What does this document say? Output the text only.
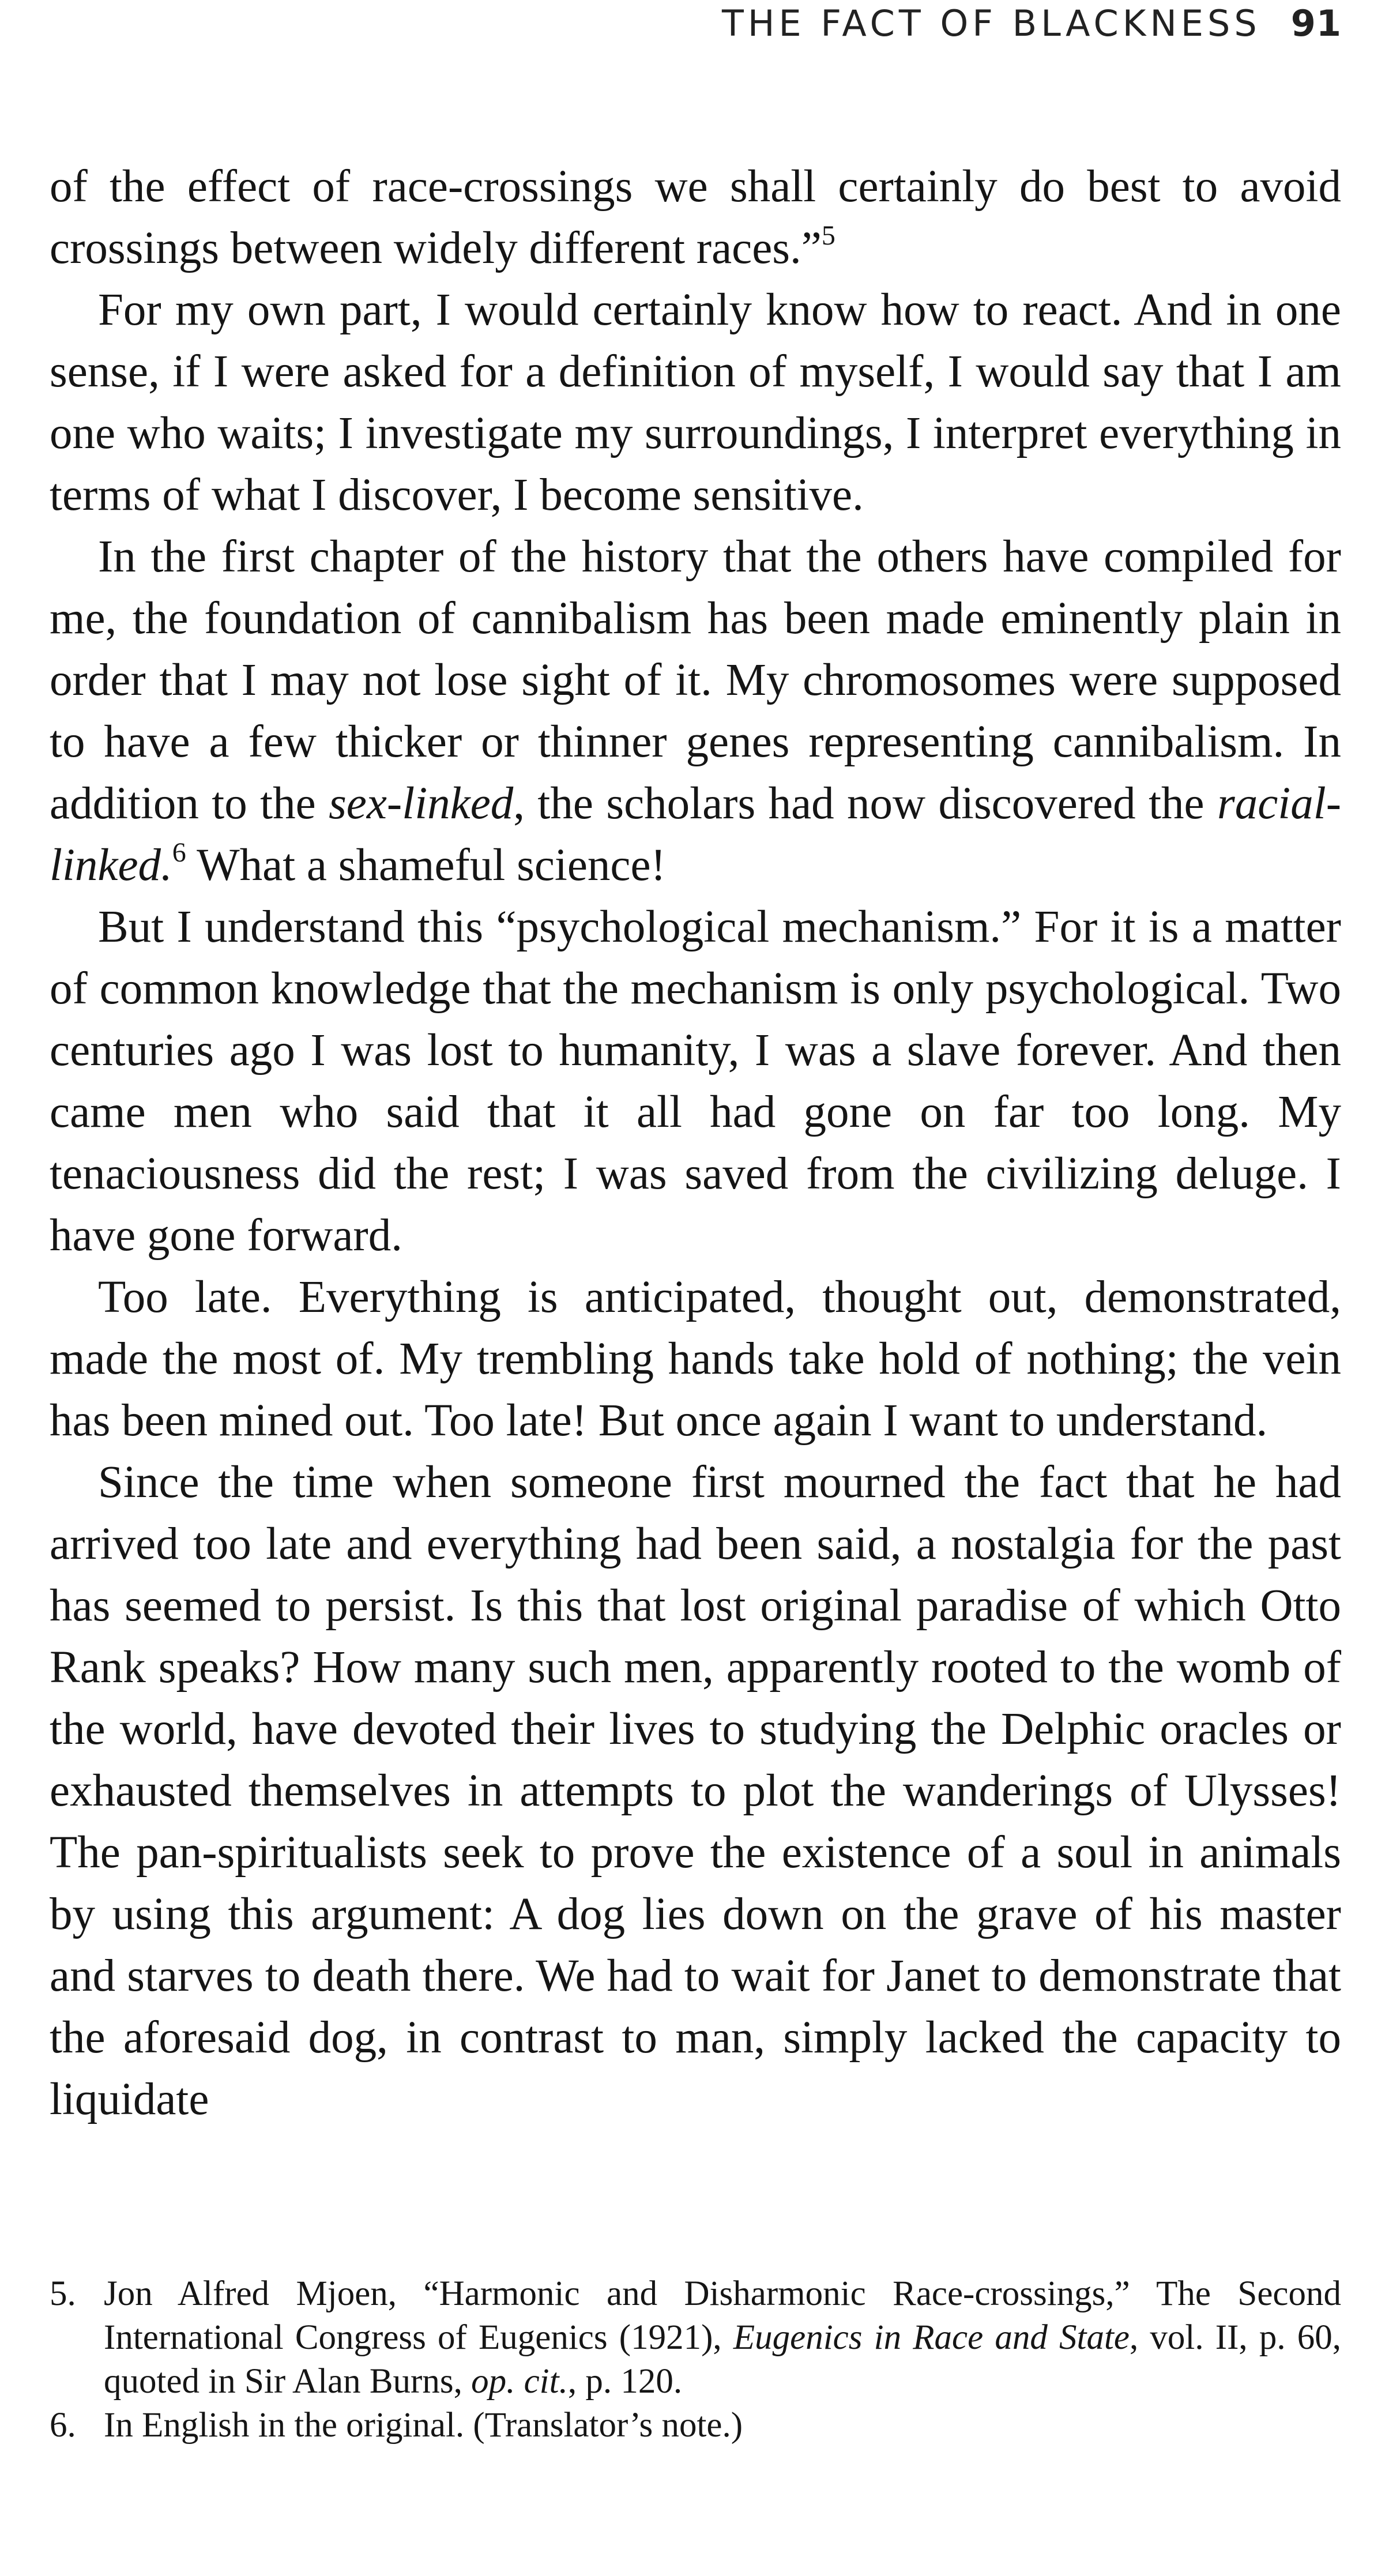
THE FACT OF BLACKNESS 91

of the effect of race-crossings we shall certainly do best to avoid crossings between widely different races.”$^5$

For my own part, I would certainly know how to react. And in one sense, if I were asked for a definition of myself, I would say that I am one who waits; I investigate my surroundings, I interpret everything in terms of what I discover, I become sensitive.

In the first chapter of the history that the others have compiled for me, the foundation of cannibalism has been made eminently plain in order that I may not lose sight of it. My chromosomes were supposed to have a few thicker or thinner genes representing cannibalism. In addition to the sex-linked, the scholars had now discovered the racial-linked.$^6$ What a shameful science!

But I understand this “psychological mechanism.” For it is a matter of common knowledge that the mechanism is only psychological. Two centuries ago I was lost to humanity, I was a slave forever. And then came men who said that it all had gone on far too long. My tenaciousness did the rest; I was saved from the civilizing deluge. I have gone forward.

Too late. Everything is anticipated, thought out, demonstrated, made the most of. My trembling hands take hold of nothing; the vein has been mined out. Too late! But once again I want to understand.

Since the time when someone first mourned the fact that he had arrived too late and everything had been said, a nostalgia for the past has seemed to persist. Is this that lost original paradise of which Otto Rank speaks? How many such men, apparently rooted to the womb of the world, have devoted their lives to studying the Delphic oracles or exhausted themselves in attempts to plot the wanderings of Ulysses! The pan-spiritualists seek to prove the existence of a soul in animals by using this argument: A dog lies down on the grave of his master and starves to death there. We had to wait for Janet to demonstrate that the aforesaid dog, in contrast to man, simply lacked the capacity to liquidate

5. Jon Alfred Mjoen, “Harmonic and Disharmonic Race-crossings,” The Second International Congress of Eugenics (1921), Eugenics in Race and State, vol. II, p. 60, quoted in Sir Alan Burns, op. cit., p. 120.

6. In English in the original. (Translator’s note.)
